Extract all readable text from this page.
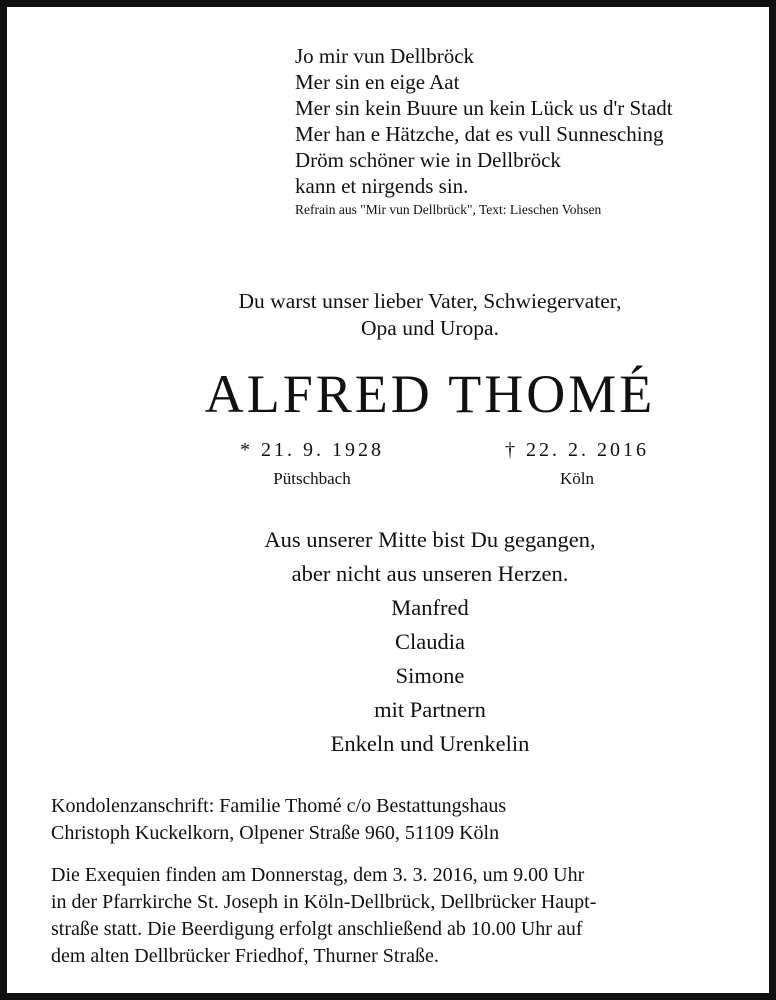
Jo mir vun Dellbröck
Mer sin en eige Aat
Mer sin kein Buure un kein Lück us d'r Stadt
Mer han e Hätzche, dat es vull Sunnesching
Dröm schöner wie in Dellbröck
kann et nirgends sin.
Refrain aus "Mir vun Dellbrück", Text: Lieschen Vohsen
Du warst unser lieber Vater, Schwiegervater,
Opa und Uropa.
ALFRED THOMÉ
* 21. 9. 1928
Pütschbach
† 22. 2. 2016
Köln
Aus unserer Mitte bist Du gegangen,
aber nicht aus unseren Herzen.
Manfred
Claudia
Simone
mit Partnern
Enkeln und Urenkelin
Kondolenzanschrift: Familie Thomé c/o Bestattungshaus
Christoph Kuckelkorn, Olpener Straße 960, 51109 Köln
Die Exequien finden am Donnerstag, dem 3. 3. 2016, um 9.00 Uhr
in der Pfarrkirche St. Joseph in Köln-Dellbrück, Dellbrücker Haupt-
straße statt. Die Beerdigung erfolgt anschließend ab 10.00 Uhr auf
dem alten Dellbrücker Friedhof, Thurner Straße.
